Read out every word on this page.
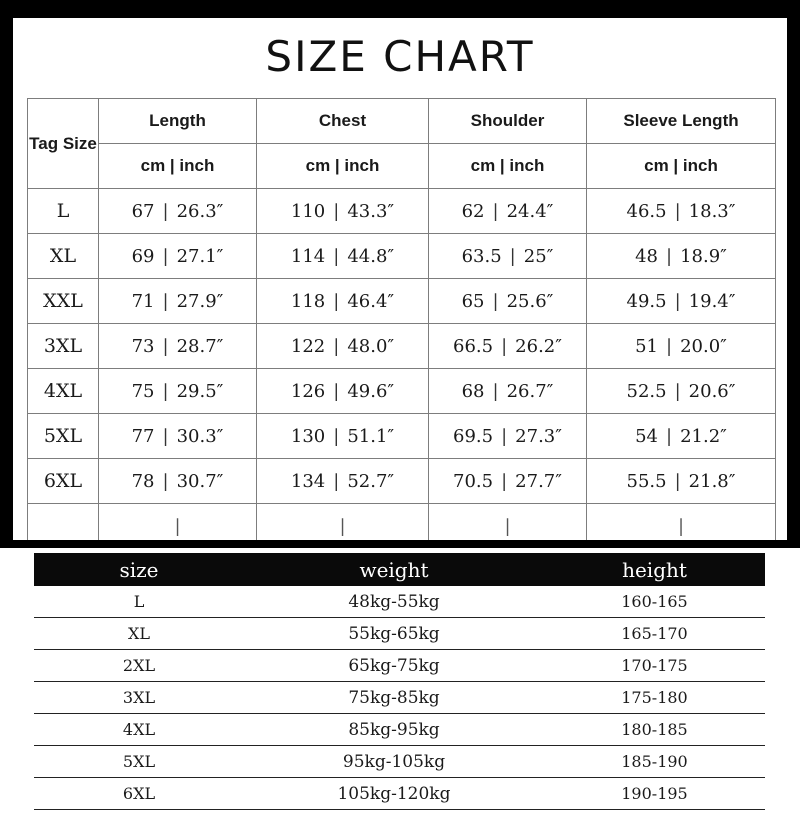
SIZE CHART
Tag Size	Length	Chest	Shoulder	Sleeve Length
	cm | inch	cm | inch	cm | inch	cm | inch
L	67 | 26.3″	110 | 43.3″	62 | 24.4″	46.5 | 18.3″
XL	69 | 27.1″	114 | 44.8″	63.5 | 25″	48 | 18.9″
XXL	71 | 27.9″	118 | 46.4″	65 | 25.6″	49.5 | 19.4″
3XL	73 | 28.7″	122 | 48.0″	66.5 | 26.2″	51 | 20.0″
4XL	75 | 29.5″	126 | 49.6″	68 | 26.7″	52.5 | 20.6″
5XL	77 | 30.3″	130 | 51.1″	69.5 | 27.3″	54 | 21.2″
6XL	78 | 30.7″	134 | 52.7″	70.5 | 27.7″	55.5 | 21.8″
	|	|	|	|
size	weight	height
L	48kg-55kg	160-165
XL	55kg-65kg	165-170
2XL	65kg-75kg	170-175
3XL	75kg-85kg	175-180
4XL	85kg-95kg	180-185
5XL	95kg-105kg	185-190
6XL	105kg-120kg	190-195
